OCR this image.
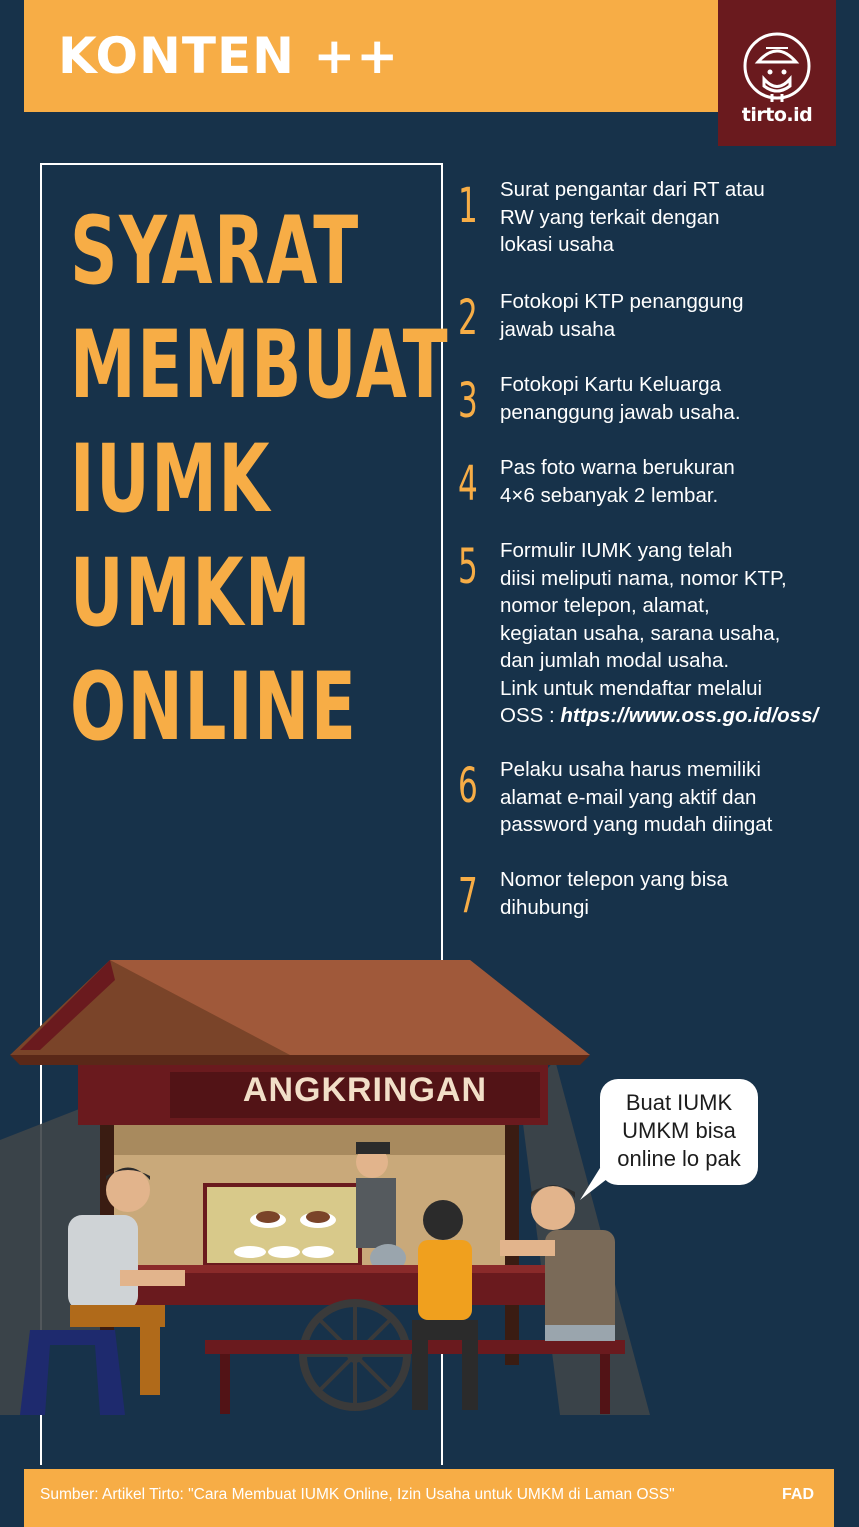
KONTEN ++
tirto.id
SYARAT
MEMBUAT
IUMK
UMKM
ONLINE
1 Surat pengantar dari RT atau
RW yang terkait dengan
lokasi usaha
2 Fotokopi KTP penanggung
jawab usaha
3 Fotokopi Kartu Keluarga
penanggung jawab usaha.
4 Pas foto warna berukuran
4×6 sebanyak 2 lembar.
5 Formulir IUMK yang telah
diisi meliputi nama, nomor KTP,
nomor telepon, alamat,
kegiatan usaha, sarana usaha,
dan jumlah modal usaha.
Link untuk mendaftar melalui
OSS : https://www.oss.go.id/oss/
6 Pelaku usaha harus memiliki
alamat e-mail yang aktif dan
password yang mudah diingat
7 Nomor telepon yang bisa
dihubungi
ANGKRINGAN	Buat IUMK
UMKM bisa
online lo pak
Sumber: Artikel Tirto: "Cara Membuat IUMK Online, Izin Usaha untuk UMKM di Laman OSS"	FAD
